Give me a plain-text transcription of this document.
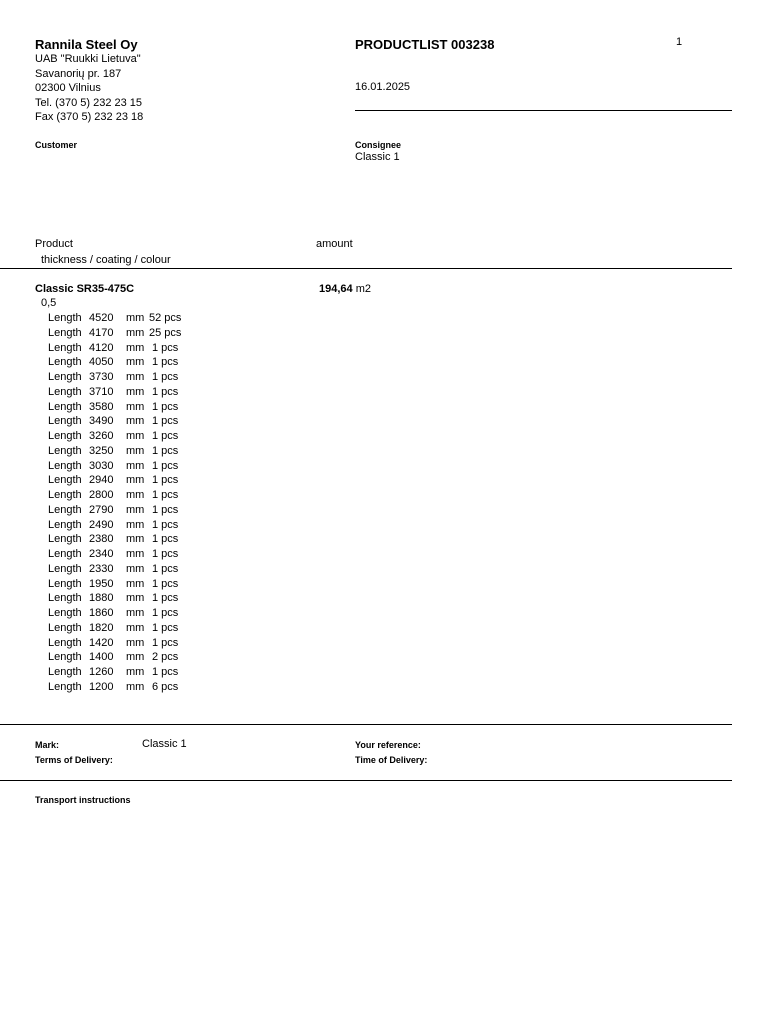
Rannila Steel Oy
UAB "Ruukki Lietuva"
Savanorių pr. 187
02300 Vilnius
Tel. (370 5) 232 23 15
Fax (370 5) 232 23 18
PRODUCTLIST 003238	1
16.01.2025
Customer	Consignee
Classic 1
Product
thickness / coating / colour
amount
Classic SR35-475C
0,5
194,64 m2
Length 4520 mm 52 pcs
Length 4170 mm 25 pcs
Length 4120 mm 1 pcs
Length 4050 mm 1 pcs
Length 3730 mm 1 pcs
Length 3710 mm 1 pcs
Length 3580 mm 1 pcs
Length 3490 mm 1 pcs
Length 3260 mm 1 pcs
Length 3250 mm 1 pcs
Length 3030 mm 1 pcs
Length 2940 mm 1 pcs
Length 2800 mm 1 pcs
Length 2790 mm 1 pcs
Length 2490 mm 1 pcs
Length 2380 mm 1 pcs
Length 2340 mm 1 pcs
Length 2330 mm 1 pcs
Length 1950 mm 1 pcs
Length 1880 mm 1 pcs
Length 1860 mm 1 pcs
Length 1820 mm 1 pcs
Length 1420 mm 1 pcs
Length 1400 mm 2 pcs
Length 1260 mm 1 pcs
Length 1200 mm 6 pcs
Mark:	Classic 1
Terms of Delivery:
Your reference:
Time of Delivery:
Transport instructions
